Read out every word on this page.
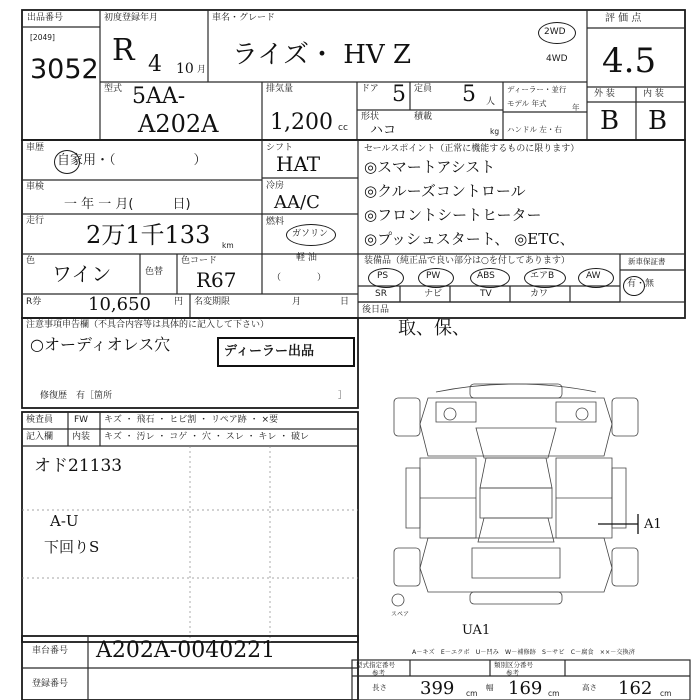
出品番号
[2049]
3052
初度登録年月
R 4 10 月
車名・グレード
ライズ・ HV Z
2WD
4WD
評 価 点
4.5
外 装	内 装
B B
型式 5AA-
A202A
排気量
1,200 cc
ドア 5 定員 5 人
形状
ハコ
積載
kg
ディーラー・並行
モデル 年式	年
ハンドル 左・右
車歴
自家用・（　　　　　　）
車検
一 年 一 月(　　　日)
走行 2万1千133 km
色
ワイン	色替
色コード
R67
R券	10,650	円 名変期限	月	日
シフト
HAT
冷房
AA/C
燃料
ガソリン
軽 油
（　　　　）
セールスポイント（正常に機能するものに限ります）
◎スマートアシスト
◎クルーズコントロール
◎フロントシートヒーター
◎プッシュスタート、 ◎ETC、
装備品（純正品で良い部分は○を付してあります）
PS	PW	ABS	エアB	AW
SR	ナビ	TV	カワ
新車保証書
有・無
注意事項申告欄（不具合内容等は具体的に記入して下さい）
○オーディオレス穴	ディーラー出品
修復歴　有［箇所	］
後日品
取、保、
検査員
記入欄
FW
内装
キズ ・ 飛石 ・ ヒビ割 ・ リペア跡 ・ ×要
キズ ・ 汚レ ・ コゲ ・ 穴 ・ スレ ・ キレ ・ 破レ
オド21133
A-U
下回りS
スペア
A1
UA1
A－キズ　E－エクボ　U－凹み　W－補修跡　S－サビ　C－腐食　××－交換済
車台番号 A202A-0040221
登録番号
型式指定番号
参考
類別区分番号
参考
長さ 399 cm
幅 169 cm
高さ 162 cm
